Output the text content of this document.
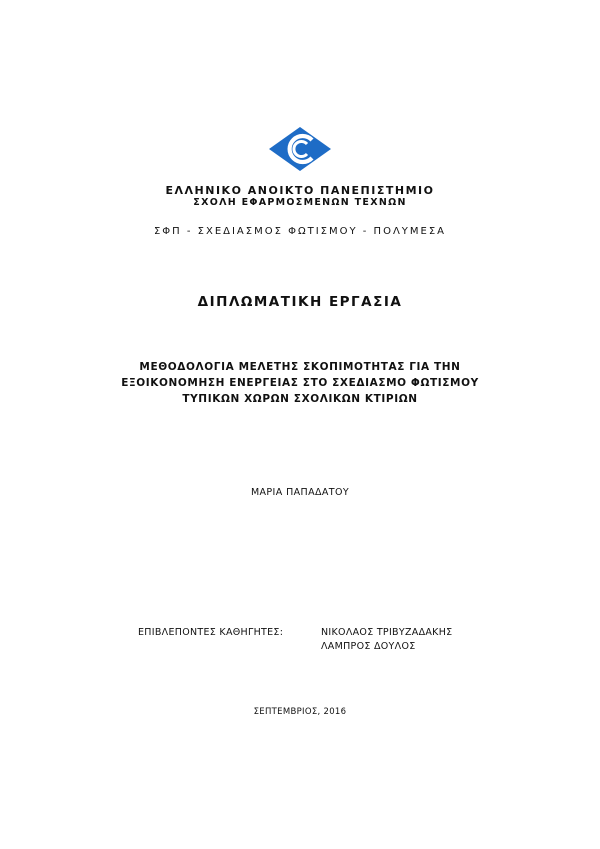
ΕΛΛΗΝΙΚΟ ΑΝΟΙΚΤΟ ΠΑΝΕΠΙΣΤΗΜΙΟ
ΣΧΟΛΗ ΕΦΑΡΜΟΣΜΕΝΩΝ ΤΕΧΝΩΝ
ΣΦΠ - ΣΧΕΔΙΑΣΜΟΣ ΦΩΤΙΣΜΟΥ - ΠΟΛΥΜΕΣΑ
ΔΙΠΛΩΜΑΤΙΚΗ ΕΡΓΑΣΙΑ
ΜΕΘΟΔΟΛΟΓΙΑ ΜΕΛΕΤΗΣ ΣΚΟΠΙΜΟΤΗΤΑΣ ΓΙΑ ΤΗΝ
ΕΞΟΙΚΟΝΟΜΗΣΗ ΕΝΕΡΓΕΙΑΣ ΣΤΟ ΣΧΕΔΙΑΣΜΟ ΦΩΤΙΣΜΟΥ
ΤΥΠΙΚΩΝ ΧΩΡΩΝ ΣΧΟΛΙΚΩΝ ΚΤΙΡΙΩΝ
ΜΑΡΙΑ ΠΑΠΑΔΑΤΟΥ
ΕΠΙΒΛΕΠΟΝΤΕΣ ΚΑΘΗΓΗΤΕΣ:	ΝΙΚΟΛΑΟΣ ΤΡΙΒΥΖΑΔΑΚΗΣ
ΛΑΜΠΡΟΣ ΔΟΥΛΟΣ
ΣΕΠΤΕΜΒΡΙΟΣ, 2016
